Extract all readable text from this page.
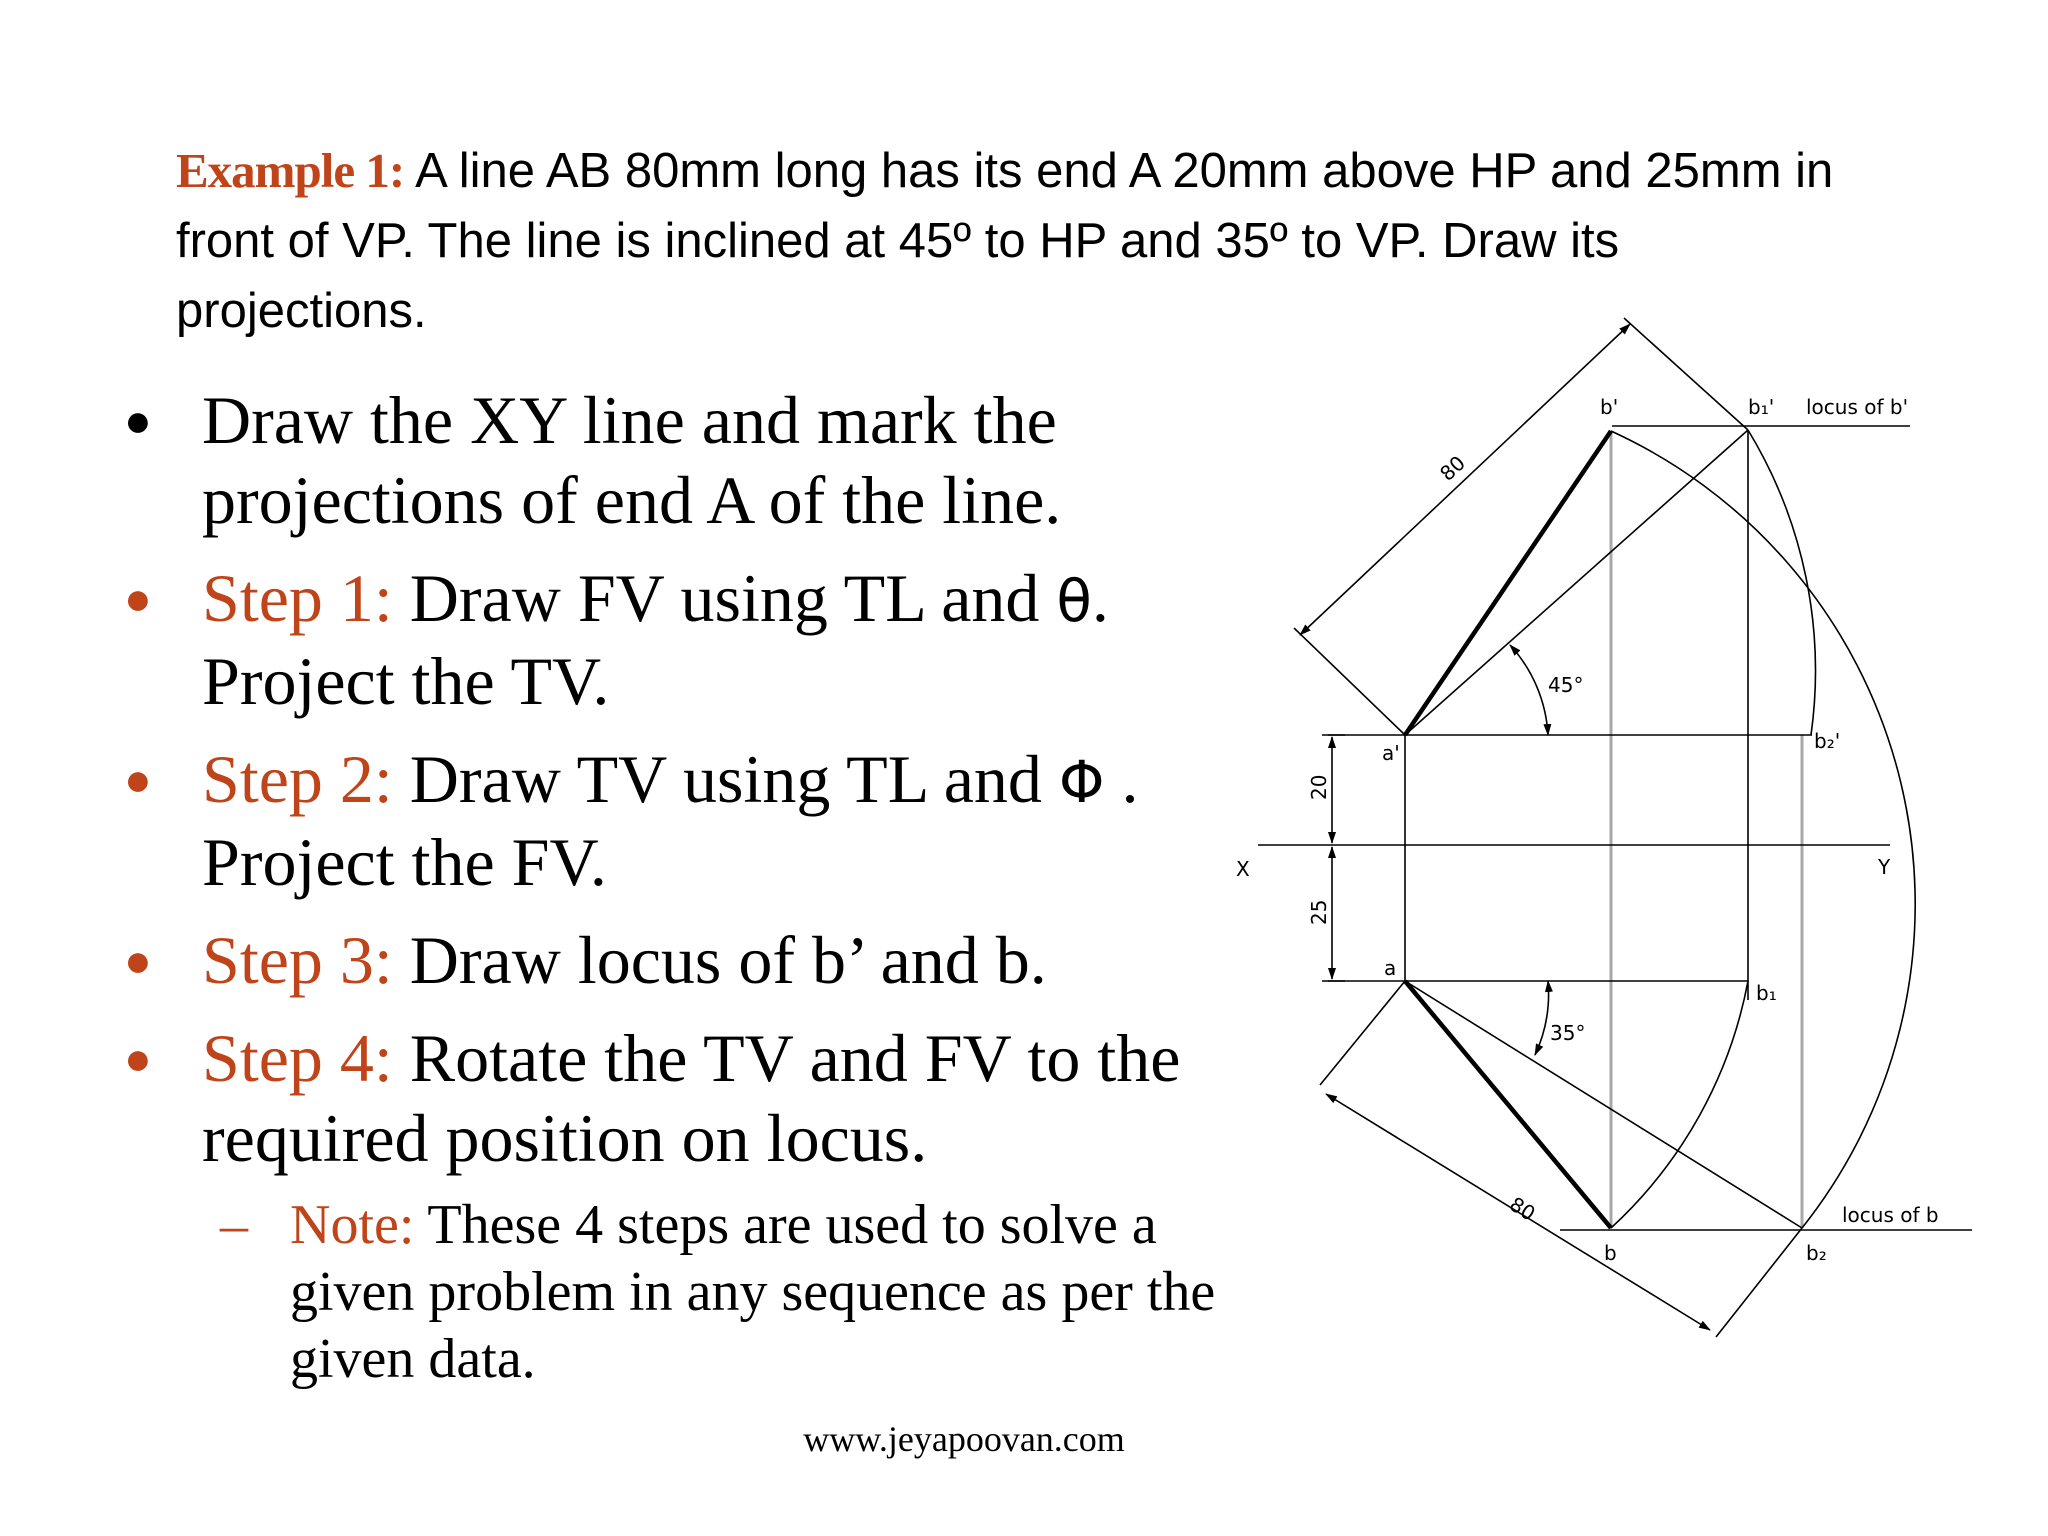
Example 1: A line AB 80mm long has its end A 20mm above HP and 25mm in front of VP. The line is inclined at 45º to HP and 35º to VP. Draw its projections.
● Draw the XY line and mark the projections of end A of the line.
● Step 1: Draw FV using TL and θ. Project the TV.
● Step 2: Draw TV using TL and Φ . Project the FV.
● Step 3: Draw locus of b’ and b.
● Step 4: Rotate the TV and FV to the required position on locus.
– Note: These 4 steps are used to solve a given problem in any sequence as per the given data.
X	Y
a'
a
b'
b
b₁'
b₂'
b₁
b₂
locus of b'
locus of b
45°
35°
20
25
80
80
www.jeyapoovan.com
